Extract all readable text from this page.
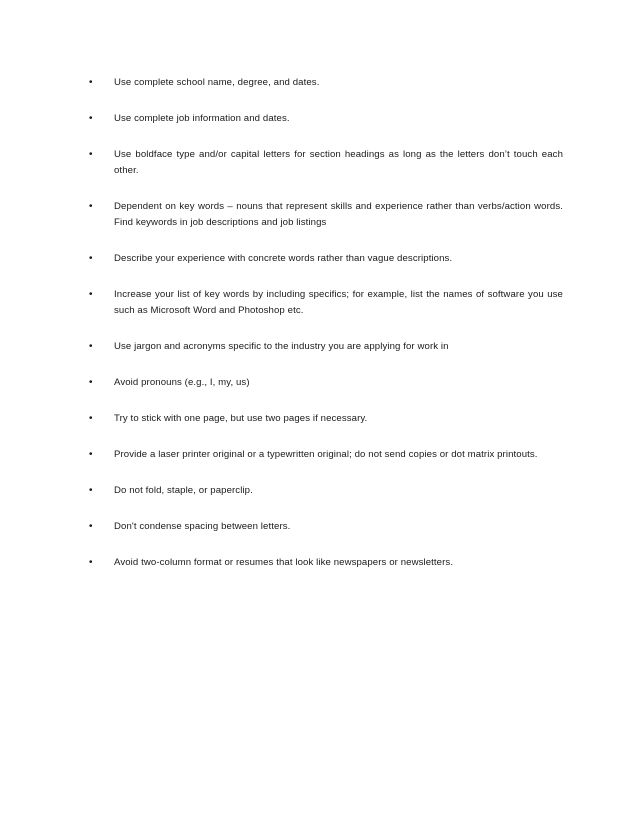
•	Use complete school name, degree, and dates.
•	Use complete job information and dates.
•	Use boldface type and/or capital letters for section headings as long as the letters don’t touch each other.
•	Dependent on key words – nouns that represent skills and experience rather than verbs/action words. Find keywords in job descriptions and job listings
•	Describe your experience with concrete words rather than vague descriptions.
•	Increase your list of key words by including specifics; for example, list the names of software you use such as Microsoft Word and Photoshop etc.
•	Use jargon and acronyms specific to the industry you are applying for work in
•	Avoid pronouns (e.g., I, my, us)
•	Try to stick with one page, but use two pages if necessary.
•	Provide a laser printer original or a typewritten original; do not send copies or dot matrix printouts.
•	Do not fold, staple, or paperclip.
•	Don't condense spacing between letters.
•	Avoid two-column format or resumes that look like newspapers or newsletters.
